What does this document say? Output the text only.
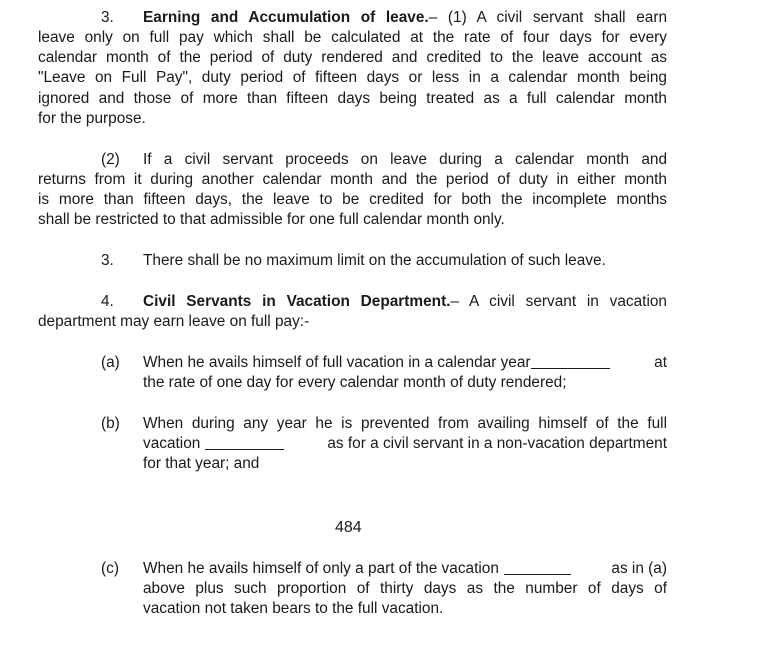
3. Earning and Accumulation of leave.– (1) A civil servant shall earn
leave only on full pay which shall be calculated at the rate of four days for every
calendar month of the period of duty rendered and credited to the leave account as
"Leave on Full Pay", duty period of fifteen days or less in a calendar month being
ignored and those of more than fifteen days being treated as a full calendar month
for the purpose.
(2) If a civil servant proceeds on leave during a calendar month and
returns from it during another calendar month and the period of duty in either month
is more than fifteen days, the leave to be credited for both the incomplete months
shall be restricted to that admissible for one full calendar month only.
3. There shall be no maximum limit on the accumulation of such leave.
4. Civil Servants in Vacation Department.– A civil servant in vacation
department may earn leave on full pay:-
(a) When he avails himself of full vacation in a calendar year	at
the rate of one day for every calendar month of duty rendered;
(b) When during any year he is prevented from availing himself of the full
vacation	as for a civil servant in a non-vacation department
for that year; and
484
(c) When he avails himself of only a part of the vacation	as in (a)
above plus such proportion of thirty days as the number of days of
vacation not taken bears to the full vacation.
